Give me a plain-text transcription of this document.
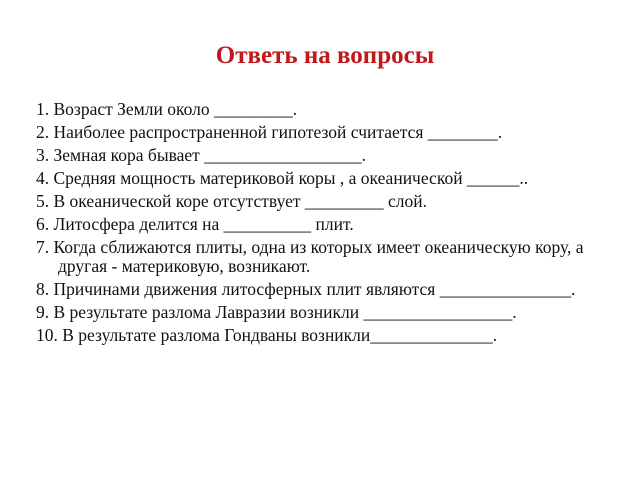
Ответь на вопросы
1. Возраст Земли около _________.
2. Наиболее распространенной гипотезой считается ________.
3. Земная кора бывает __________________.
4. Средняя мощность материковой коры , а океанической ______..
5. В океанической коре отсутствует _________ слой.
6. Литосфера делится на __________ плит.
7. Когда сближаются плиты, одна из которых имеет океаническую кору, а другая - материковую, возникают.
8. Причинами движения литосферных плит являются _______________.
9. В результате разлома Лавразии возникли _________________.
10. В результате разлома Гондваны возникли______________.
